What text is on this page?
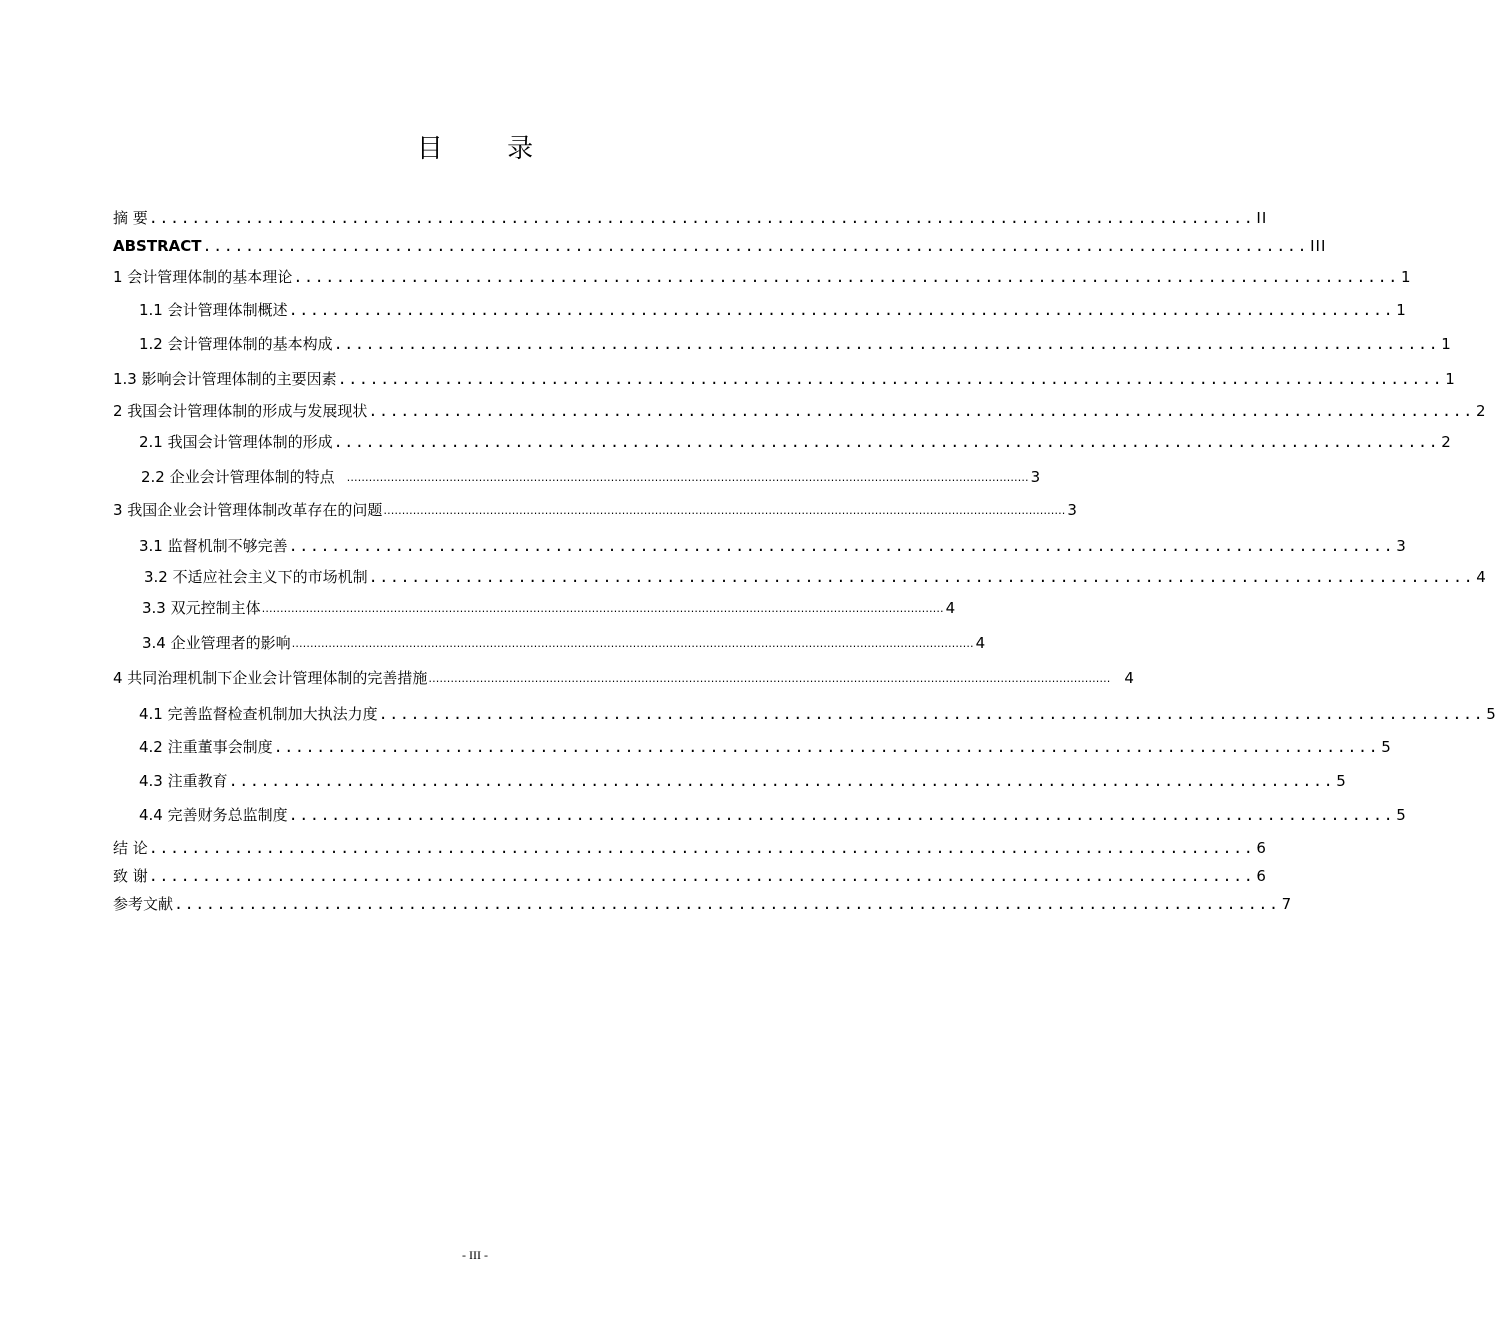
目 录
摘 要 ........................................................................................................ II
ABSTRACT ........................................................................................................ III
1 会计管理体制的基本理论 ........................................................................................................ 1
1.1 会计管理体制概述 ........................................................................................................ 1
1.2 会计管理体制的基本构成 ........................................................................................................ 1
1.3 影响会计管理体制的主要因素 ........................................................................................................ 1
2 我国会计管理体制的形成与发展现状 ........................................................................................................ 2
2.1 我国会计管理体制的形成 ........................................................................................................ 2
2.2 企业会计管理体制的特点 …………………………………………………………………………………………………………………………………………………………………… 3
3 我国企业会计管理体制改革存在的问题 …………………………………………………………………………………………………………………………………………………………………… 3
3.1 监督机制不够完善 ........................................................................................................ 3
3.2 不适应社会主义下的市场机制 ........................................................................................................ 4
3.3 双元控制主体 …………………………………………………………………………………………………………………………………………………………………… 4
3.4 企业管理者的影响 …………………………………………………………………………………………………………………………………………………………………… 4
4 共同治理机制下企业会计管理体制的完善措施 …………………………………………………………………………………………………………………………………………………………………… 4
4.1 完善监督检查机制加大执法力度 ........................................................................................................ 5
4.2 注重董事会制度 ........................................................................................................ 5
4.3 注重教育 ........................................................................................................ 5
4.4 完善财务总监制度 ........................................................................................................ 5
结 论 ........................................................................................................ 6
致 谢 ........................................................................................................ 6
参考文献 ........................................................................................................ 7
- III -
